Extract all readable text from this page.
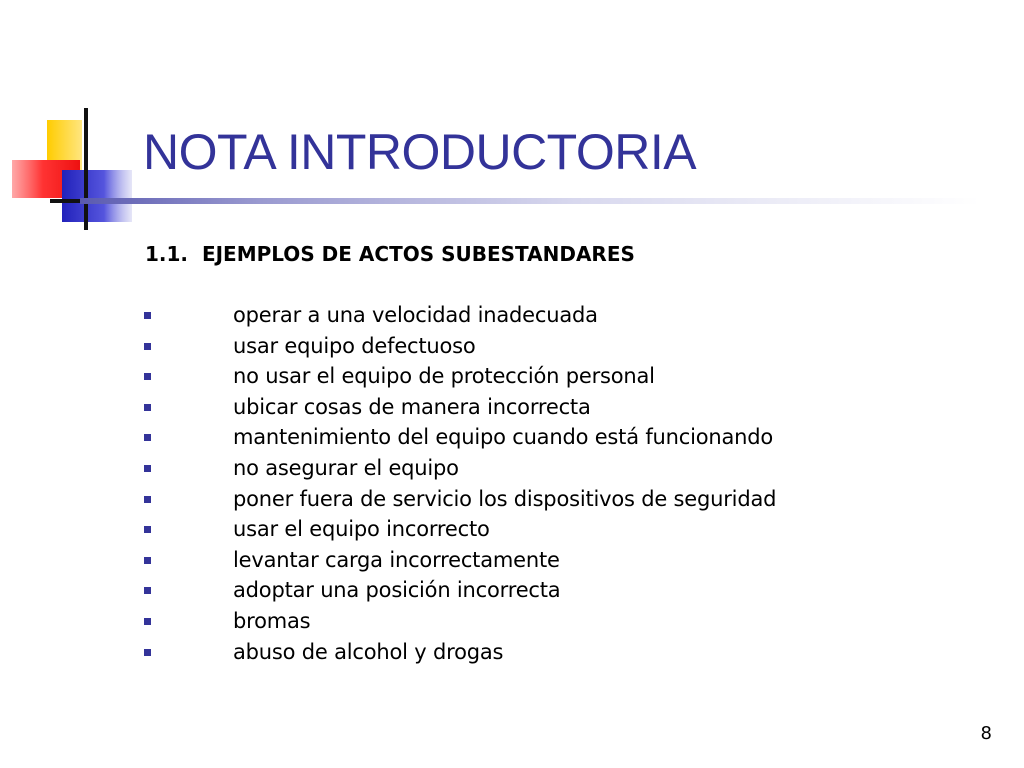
NOTA INTRODUCTORIA
1.1.  EJEMPLOS DE ACTOS SUBESTANDARES
operar a una velocidad inadecuada
usar equipo defectuoso
no usar el equipo de protección personal
ubicar cosas de manera incorrecta
mantenimiento del equipo cuando está funcionando
no asegurar el equipo
poner fuera de servicio los dispositivos de seguridad
usar el equipo incorrecto
levantar carga incorrectamente
adoptar una posición incorrecta
bromas
abuso de alcohol y drogas
8
